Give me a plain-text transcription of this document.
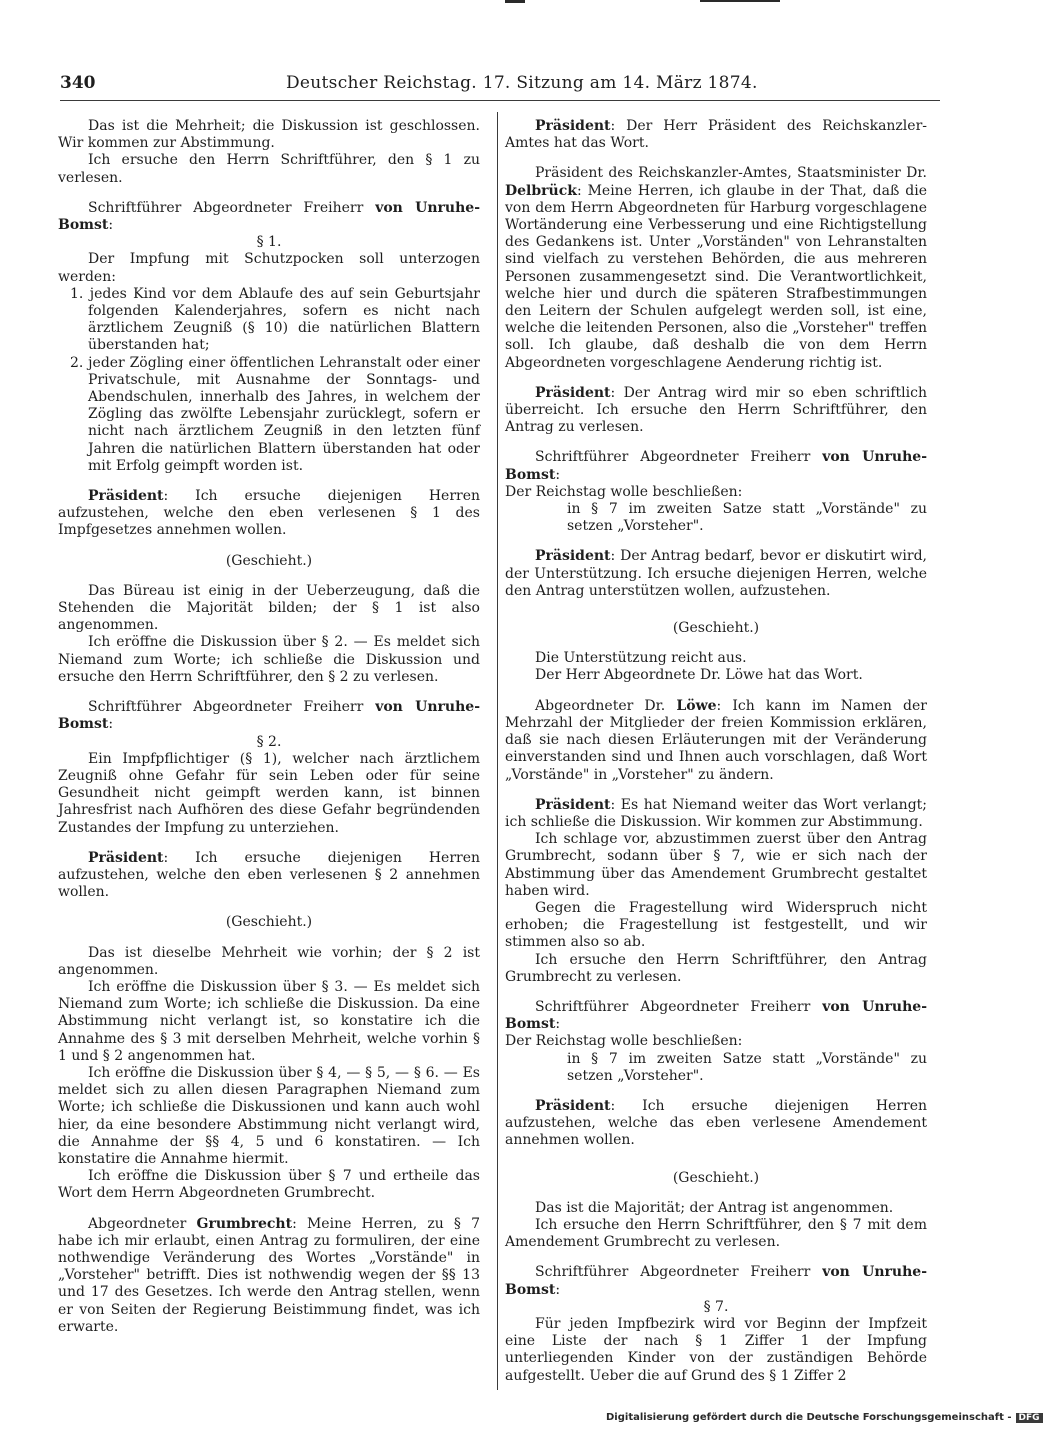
340	Deutscher Reichstag. 17. Sitzung am 14. März 1874.

Das ist die Mehrheit; die Diskussion ist geschlossen. Wir kommen zur Abstimmung.

Ich ersuche den Herrn Schriftführer, den § 1 zu verlesen.

Schriftführer Abgeordneter Freiherr von Unruhe-Bomst:

§ 1.

Der Impfung mit Schutzpocken soll unterzogen werden:

1. jedes Kind vor dem Ablaufe des auf sein Geburtsjahr folgenden Kalenderjahres, sofern es nicht nach ärztlichem Zeugniß (§ 10) die natürlichen Blattern überstanden hat;

2. jeder Zögling einer öffentlichen Lehranstalt oder einer Privatschule, mit Ausnahme der Sonntags- und Abendschulen, innerhalb des Jahres, in welchem der Zögling das zwölfte Lebensjahr zurücklegt, sofern er nicht nach ärztlichem Zeugniß in den letzten fünf Jahren die natürlichen Blattern überstanden hat oder mit Erfolg geimpft worden ist.

Präsident: Ich ersuche diejenigen Herren aufzustehen, welche den eben verlesenen § 1 des Impfgesetzes annehmen wollen.

(Geschieht.)

Das Büreau ist einig in der Ueberzeugung, daß die Stehenden die Majorität bilden; der § 1 ist also angenommen.

Ich eröffne die Diskussion über § 2. — Es meldet sich Niemand zum Worte; ich schließe die Diskussion und ersuche den Herrn Schriftführer, den § 2 zu verlesen.

Schriftführer Abgeordneter Freiherr von Unruhe-Bomst:

§ 2.

Ein Impfpflichtiger (§ 1), welcher nach ärztlichem Zeugniß ohne Gefahr für sein Leben oder für seine Gesundheit nicht geimpft werden kann, ist binnen Jahresfrist nach Aufhören des diese Gefahr begründenden Zustandes der Impfung zu unterziehen.

Präsident: Ich ersuche diejenigen Herren aufzustehen, welche den eben verlesenen § 2 annehmen wollen.

(Geschieht.)

Das ist dieselbe Mehrheit wie vorhin; der § 2 ist angenommen.

Ich eröffne die Diskussion über § 3. — Es meldet sich Niemand zum Worte; ich schließe die Diskussion. Da eine Abstimmung nicht verlangt ist, so konstatire ich die Annahme des § 3 mit derselben Mehrheit, welche vorhin § 1 und § 2 angenommen hat.

Ich eröffne die Diskussion über § 4, — § 5, — § 6. — Es meldet sich zu allen diesen Paragraphen Niemand zum Worte; ich schließe die Diskussionen und kann auch wohl hier, da eine besondere Abstimmung nicht verlangt wird, die Annahme der §§ 4, 5 und 6 konstatiren. — Ich konstatire die Annahme hiermit.

Ich eröffne die Diskussion über § 7 und ertheile das Wort dem Herrn Abgeordneten Grumbrecht.

Abgeordneter Grumbrecht: Meine Herren, zu § 7 habe ich mir erlaubt, einen Antrag zu formuliren, der eine nothwendige Veränderung des Wortes „Vorstände" in „Vorsteher" betrifft. Dies ist nothwendig wegen der §§ 13 und 17 des Gesetzes. Ich werde den Antrag stellen, wenn er von Seiten der Regierung Beistimmung findet, was ich erwarte.

Präsident: Der Herr Präsident des Reichskanzler-Amtes hat das Wort.

Präsident des Reichskanzler-Amtes, Staatsminister Dr. Delbrück: Meine Herren, ich glaube in der That, daß die von dem Herrn Abgeordneten für Harburg vorgeschlagene Wortänderung eine Verbesserung und eine Richtigstellung des Gedankens ist. Unter „Vorständen" von Lehranstalten sind vielfach zu verstehen Behörden, die aus mehreren Personen zusammengesetzt sind. Die Verantwortlichkeit, welche hier und durch die späteren Strafbestimmungen den Leitern der Schulen aufgelegt werden soll, ist eine, welche die leitenden Personen, also die „Vorsteher" treffen soll. Ich glaube, daß deshalb die von dem Herrn Abgeordneten vorgeschlagene Aenderung richtig ist.

Präsident: Der Antrag wird mir so eben schriftlich überreicht. Ich ersuche den Herrn Schriftführer, den Antrag zu verlesen.

Schriftführer Abgeordneter Freiherr von Unruhe-Bomst:

Der Reichstag wolle beschließen:

in § 7 im zweiten Satze statt „Vorstände" zu setzen „Vorsteher".

Präsident: Der Antrag bedarf, bevor er diskutirt wird, der Unterstützung. Ich ersuche diejenigen Herren, welche den Antrag unterstützen wollen, aufzustehen.

(Geschieht.)

Die Unterstützung reicht aus.

Der Herr Abgeordnete Dr. Löwe hat das Wort.

Abgeordneter Dr. Löwe: Ich kann im Namen der Mehrzahl der Mitglieder der freien Kommission erklären, daß sie nach diesen Erläuterungen mit der Veränderung einverstanden sind und Ihnen auch vorschlagen, daß Wort „Vorstände" in „Vorsteher" zu ändern.

Präsident: Es hat Niemand weiter das Wort verlangt; ich schließe die Diskussion. Wir kommen zur Abstimmung.

Ich schlage vor, abzustimmen zuerst über den Antrag Grumbrecht, sodann über § 7, wie er sich nach der Abstimmung über das Amendement Grumbrecht gestaltet haben wird.

Gegen die Fragestellung wird Widerspruch nicht erhoben; die Fragestellung ist festgestellt, und wir stimmen also so ab.

Ich ersuche den Herrn Schriftführer, den Antrag Grumbrecht zu verlesen.

Schriftführer Abgeordneter Freiherr von Unruhe-Bomst:

Der Reichstag wolle beschließen:

in § 7 im zweiten Satze statt „Vorstände" zu setzen „Vorsteher".

Präsident: Ich ersuche diejenigen Herren aufzustehen, welche das eben verlesene Amendement annehmen wollen.

(Geschieht.)

Das ist die Majorität; der Antrag ist angenommen.

Ich ersuche den Herrn Schriftführer, den § 7 mit dem Amendement Grumbrecht zu verlesen.

Schriftführer Abgeordneter Freiherr von Unruhe-Bomst:

§ 7.

Für jeden Impfbezirk wird vor Beginn der Impfzeit eine Liste der nach § 1 Ziffer 1 der Impfung unterliegenden Kinder von der zuständigen Behörde aufgestellt. Ueber die auf Grund des § 1 Ziffer 2

Digitalisierung gefördert durch die Deutsche Forschungsgemeinschaft - DFG
